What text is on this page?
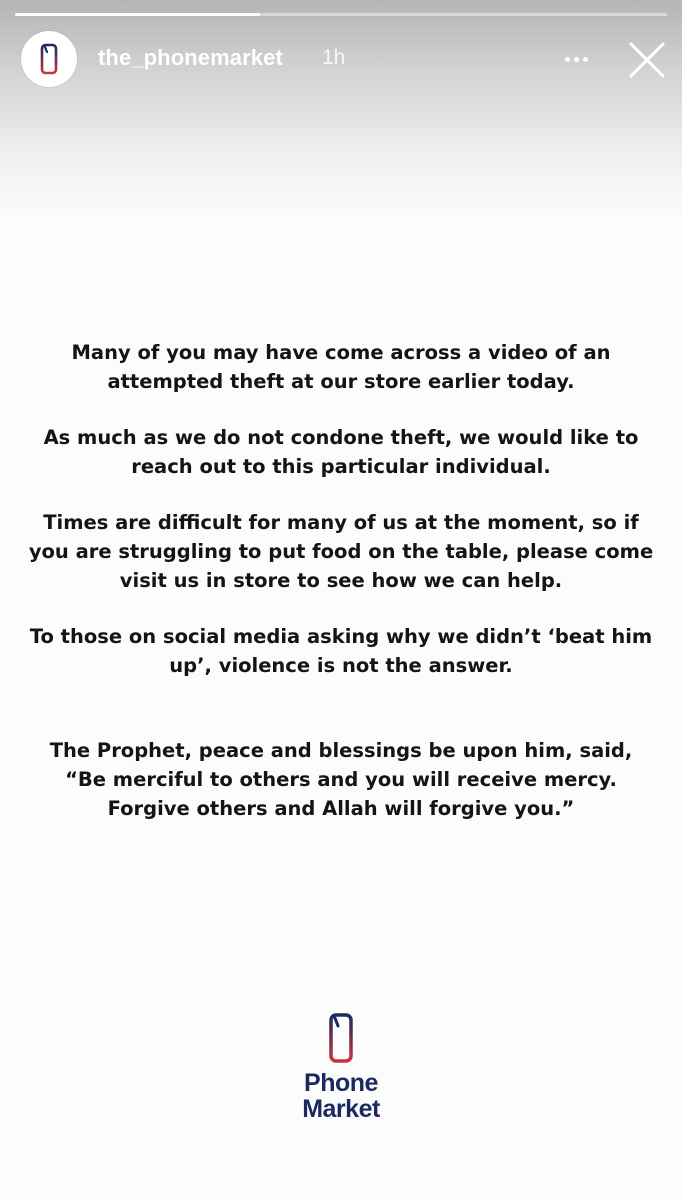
the_phonemarket 1h
Many of you may have come across a video of an
attempted theft at our store earlier today.
As much as we do not condone theft, we would like to
reach out to this particular individual.
Times are difficult for many of us at the moment, so if
you are struggling to put food on the table, please come
visit us in store to see how we can help.
To those on social media asking why we didn’t ‘beat him
up’, violence is not the answer.
The Prophet, peace and blessings be upon him, said,
“Be merciful to others and you will receive mercy.
Forgive others and Allah will forgive you.”
Phone
Market
